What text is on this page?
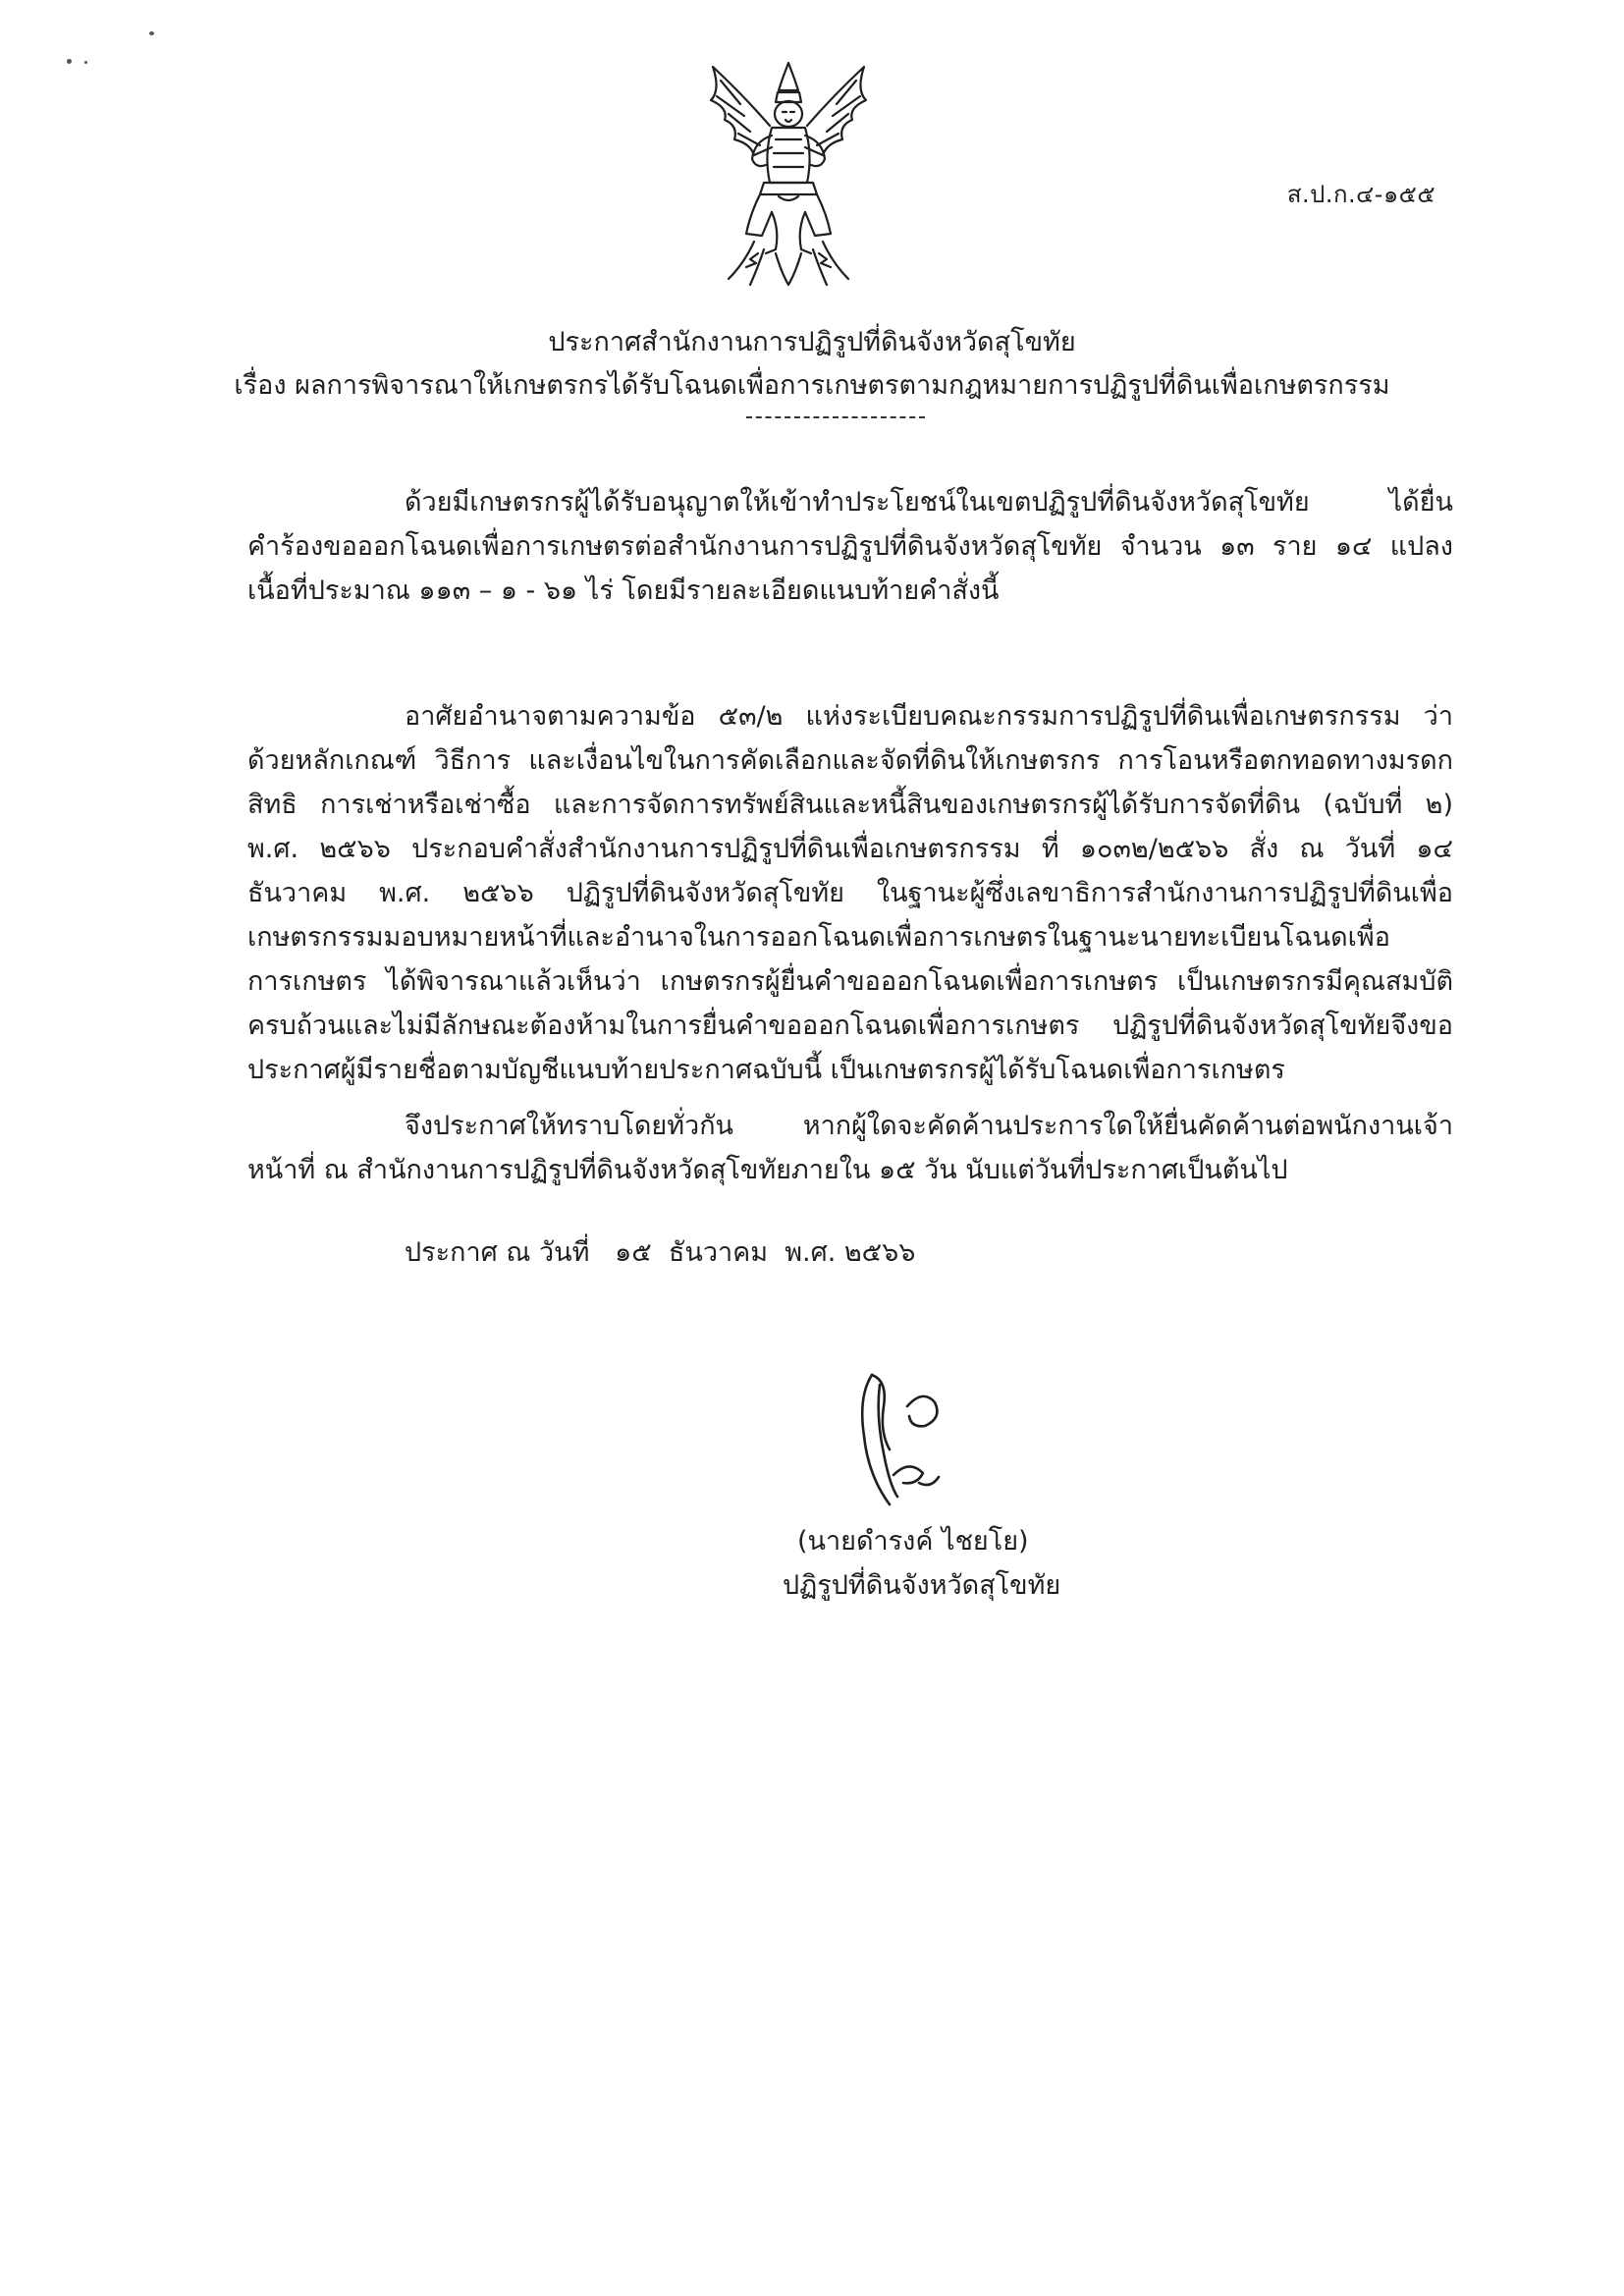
ส.ป.ก.๔-๑๕๕
ประกาศสำนักงานการปฏิรูปที่ดินจังหวัดสุโขทัย
เรื่อง ผลการพิจารณาให้เกษตรกรได้รับโฉนดเพื่อการเกษตรตามกฎหมายการปฏิรูปที่ดินเพื่อเกษตรกรรม

ด้วยมีเกษตรกรผู้ได้รับอนุญาตให้เข้าทำประโยชน์ในเขตปฏิรูปที่ดินจังหวัดสุโขทัย ได้ยื่นคำร้องขอออกโฉนดเพื่อการเกษตรต่อสำนักงานการปฏิรูปที่ดินจังหวัดสุโขทัย จำนวน ๑๓ ราย ๑๔ แปลง เนื้อที่ประมาณ ๑๑๓ – ๑ - ๖๑ ไร่ โดยมีรายละเอียดแนบท้ายคำสั่งนี้

อาศัยอำนาจตามความข้อ ๕๓/๒ แห่งระเบียบคณะกรรมการปฏิรูปที่ดินเพื่อเกษตรกรรม ว่าด้วยหลักเกณฑ์ วิธีการ และเงื่อนไขในการคัดเลือกและจัดที่ดินให้เกษตรกร การโอนหรือตกทอดทางมรดกสิทธิ การเช่าหรือเช่าซื้อ และการจัดการทรัพย์สินและหนี้สินของเกษตรกรผู้ได้รับการจัดที่ดิน (ฉบับที่ ๒) พ.ศ. ๒๕๖๖ ประกอบคำสั่งสำนักงานการปฏิรูปที่ดินเพื่อเกษตรกรรม ที่ ๑๐๓๒/๒๕๖๖ สั่ง ณ วันที่ ๑๔ ธันวาคม พ.ศ. ๒๕๖๖ ปฏิรูปที่ดินจังหวัดสุโขทัย ในฐานะผู้ซึ่งเลขาธิการสำนักงานการปฏิรูปที่ดินเพื่อเกษตรกรรมมอบหมายหน้าที่และอำนาจในการออกโฉนดเพื่อการเกษตรในฐานะนายทะเบียนโฉนดเพื่อการเกษตร ได้พิจารณาแล้วเห็นว่า เกษตรกรผู้ยื่นคำขอออกโฉนดเพื่อการเกษตร เป็นเกษตรกรมีคุณสมบัติครบถ้วนและไม่มีลักษณะต้องห้ามในการยื่นคำขอออกโฉนดเพื่อการเกษตร ปฏิรูปที่ดินจังหวัดสุโขทัยจึงขอประกาศผู้มีรายชื่อตามบัญชีแนบท้ายประกาศฉบับนี้ เป็นเกษตรกรผู้ได้รับโฉนดเพื่อการเกษตร

จึงประกาศให้ทราบโดยทั่วกัน หากผู้ใดจะคัดค้านประการใดให้ยื่นคัดค้านต่อพนักงานเจ้าหน้าที่ ณ สำนักงานการปฏิรูปที่ดินจังหวัดสุโขทัยภายใน ๑๕ วัน นับแต่วันที่ประกาศเป็นต้นไป

ประกาศ ณ วันที่   ๑๕  ธันวาคม  พ.ศ. ๒๕๖๖
(นายดำรงค์ ไชยโย)
ปฏิรูปที่ดินจังหวัดสุโขทัย
